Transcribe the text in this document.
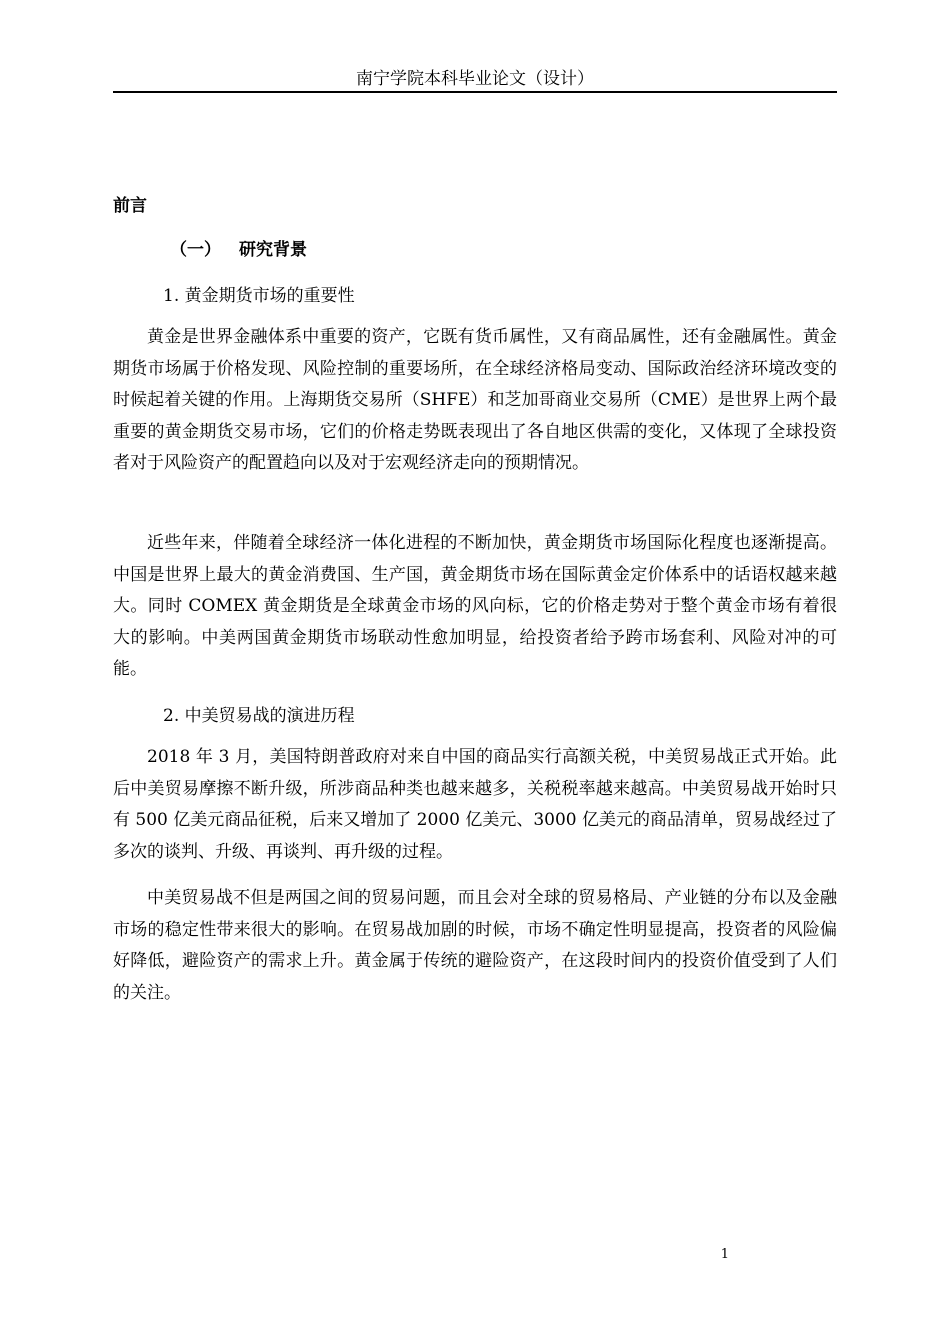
南宁学院本科毕业论文（设计）
前言
（一） 研究背景
1. 黄金期货市场的重要性
黄金是世界金融体系中重要的资产，它既有货币属性，又有商品属性，还有金融属性。黄金期货市场属于价格发现、风险控制的重要场所，在全球经济格局变动、国际政治经济环境改变的时候起着关键的作用。上海期货交易所（SHFE）和芝加哥商业交易所（CME）是世界上两个最重要的黄金期货交易市场，它们的价格走势既表现出了各自地区供需的变化，又体现了全球投资者对于风险资产的配置趋向以及对于宏观经济走向的预期情况。
近些年来，伴随着全球经济一体化进程的不断加快，黄金期货市场国际化程度也逐渐提高。中国是世界上最大的黄金消费国、生产国，黄金期货市场在国际黄金定价体系中的话语权越来越大。同时 COMEX 黄金期货是全球黄金市场的风向标，它的价格走势对于整个黄金市场有着很大的影响。中美两国黄金期货市场联动性愈加明显，给投资者给予跨市场套利、风险对冲的可能。
2. 中美贸易战的演进历程
2018 年 3 月，美国特朗普政府对来自中国的商品实行高额关税，中美贸易战正式开始。此后中美贸易摩擦不断升级，所涉商品种类也越来越多，关税税率越来越高。中美贸易战开始时只有 500 亿美元商品征税，后来又增加了 2000 亿美元、3000 亿美元的商品清单，贸易战经过了多次的谈判、升级、再谈判、再升级的过程。
中美贸易战不但是两国之间的贸易问题，而且会对全球的贸易格局、产业链的分布以及金融市场的稳定性带来很大的影响。在贸易战加剧的时候，市场不确定性明显提高，投资者的风险偏好降低，避险资产的需求上升。黄金属于传统的避险资产，在这段时间内的投资价值受到了人们的关注。
1
